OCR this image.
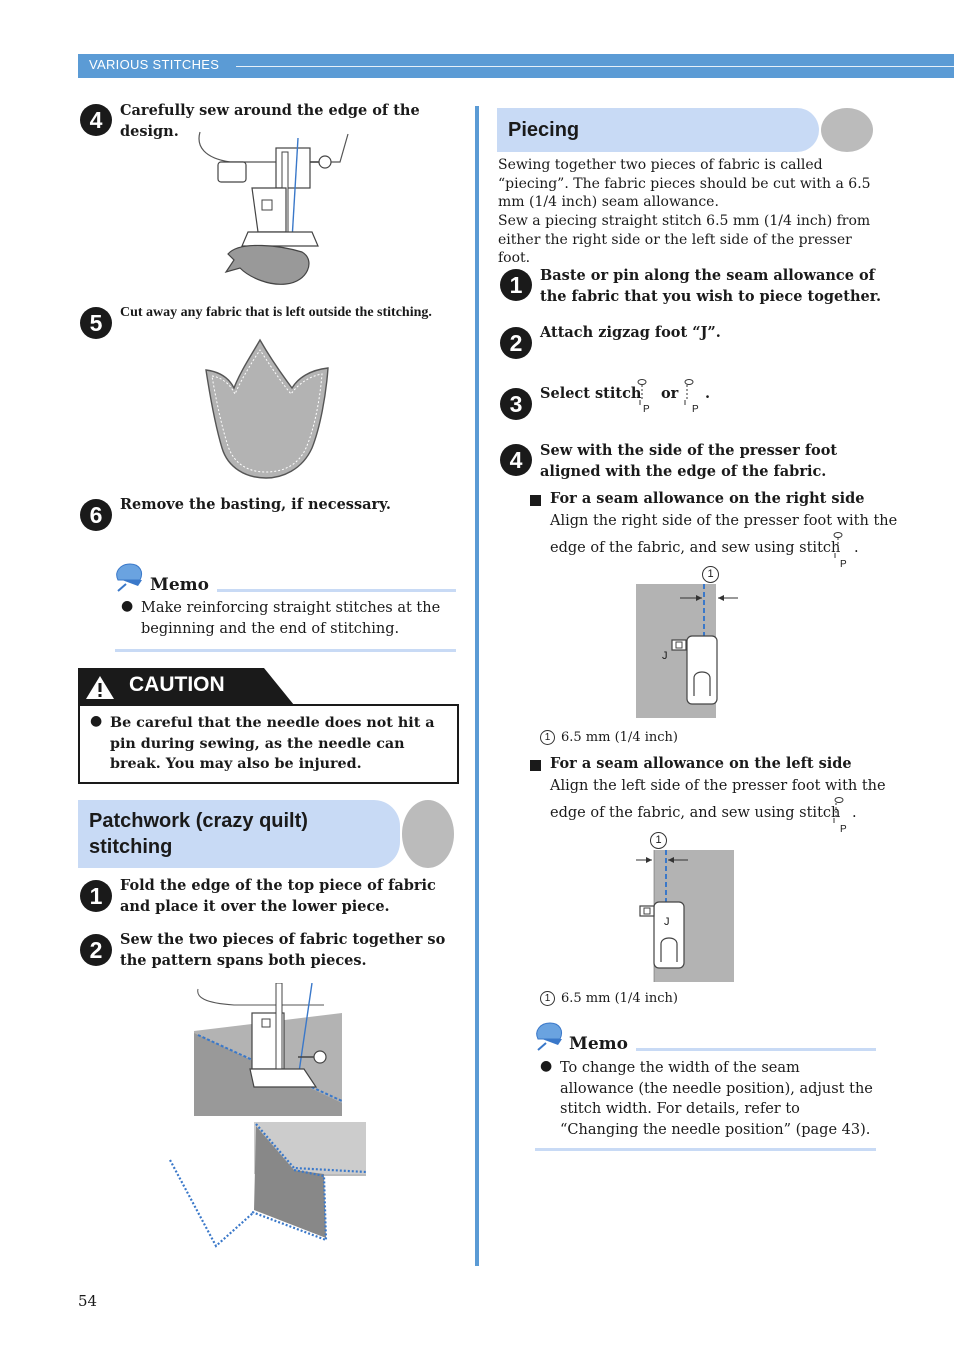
VARIOUS STITCHES
4	Carefully sew around the edge of the design.
5	Cut away any fabric that is left outside the stitching.
6	Remove the basting, if necessary.
Memo
● Make reinforcing straight stitches at the beginning and the end of stitching.
CAUTION
● Be careful that the needle does not hit a pin during sewing, as the needle can break. You may also be injured.
Patchwork (crazy quilt)
stitching
1	Fold the edge of the top piece of fabric and place it over the lower piece.
2	Sew the two pieces of fabric together so the pattern spans both pieces.
Piecing
Sewing together two pieces of fabric is called “piecing”. The fabric pieces should be cut with a 6.5 mm (1/4 inch) seam allowance.
Sew a piecing straight stitch 6.5 mm (1/4 inch) from either the right side or the left side of the presser foot.
1	Baste or pin along the seam allowance of the fabric that you wish to piece together.
2	Attach zigzag foot “J”.
3	Select stitch
P
or
P
.
4	Sew with the side of the presser foot aligned with the edge of the fabric.
For a seam allowance on the right side
Align the right side of the presser foot with the
edge of the fabric, and sew using stitch
P
.
1
J
1 6.5 mm (1/4 inch)
For a seam allowance on the left side
Align the left side of the presser foot with the
edge of the fabric, and sew using stitch
P
.
1
J
1 6.5 mm (1/4 inch)
Memo
● To change the width of the seam allowance (the needle position), adjust the stitch width. For details, refer to “Changing the needle position” (page 43).
54
